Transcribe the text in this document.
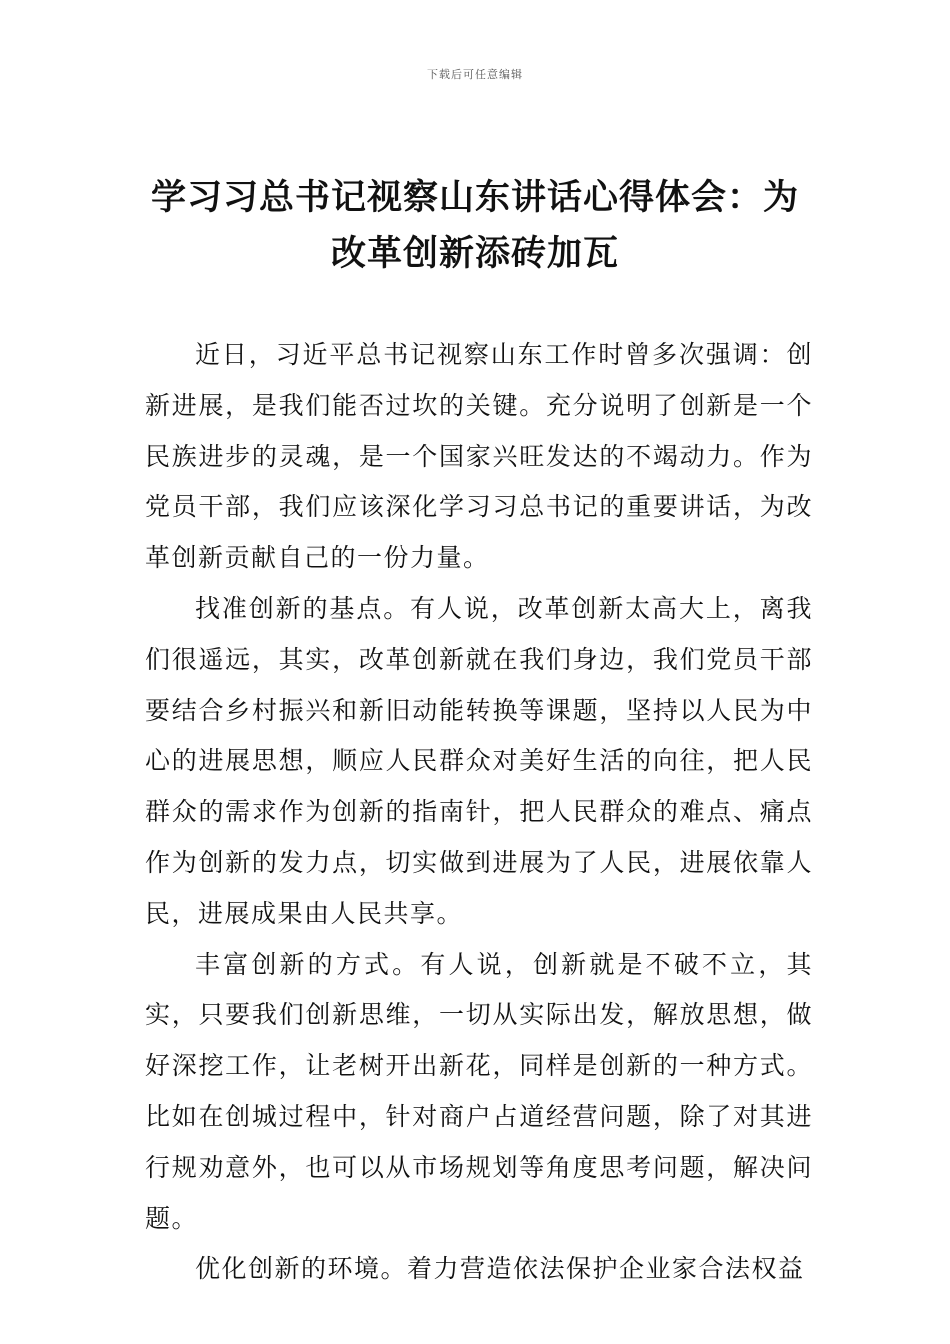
下载后可任意编辑
学习习总书记视察山东讲话心得体会：为
改革创新添砖加瓦

近日，习近平总书记视察山东工作时曾多次强调：创新进展，是我们能否过坎的关键。充分说明了创新是一个民族进步的灵魂，是一个国家兴旺发达的不竭动力。作为党员干部，我们应该深化学习习总书记的重要讲话，为改革创新贡献自己的一份力量。

找准创新的基点。有人说，改革创新太高大上，离我们很遥远，其实，改革创新就在我们身边，我们党员干部要结合乡村振兴和新旧动能转换等课题，坚持以人民为中心的进展思想，顺应人民群众对美好生活的向往，把人民群众的需求作为创新的指南针，把人民群众的难点、痛点作为创新的发力点，切实做到进展为了人民，进展依靠人民，进展成果由人民共享。

丰富创新的方式。有人说，创新就是不破不立，其实，只要我们创新思维，一切从实际出发，解放思想，做好深挖工作，让老树开出新花，同样是创新的一种方式。比如在创城过程中，针对商户占道经营问题，除了对其进行规劝意外，也可以从市场规划等角度思考问题，解决问题。

优化创新的环境。着力营造依法保护企业家合法权益
